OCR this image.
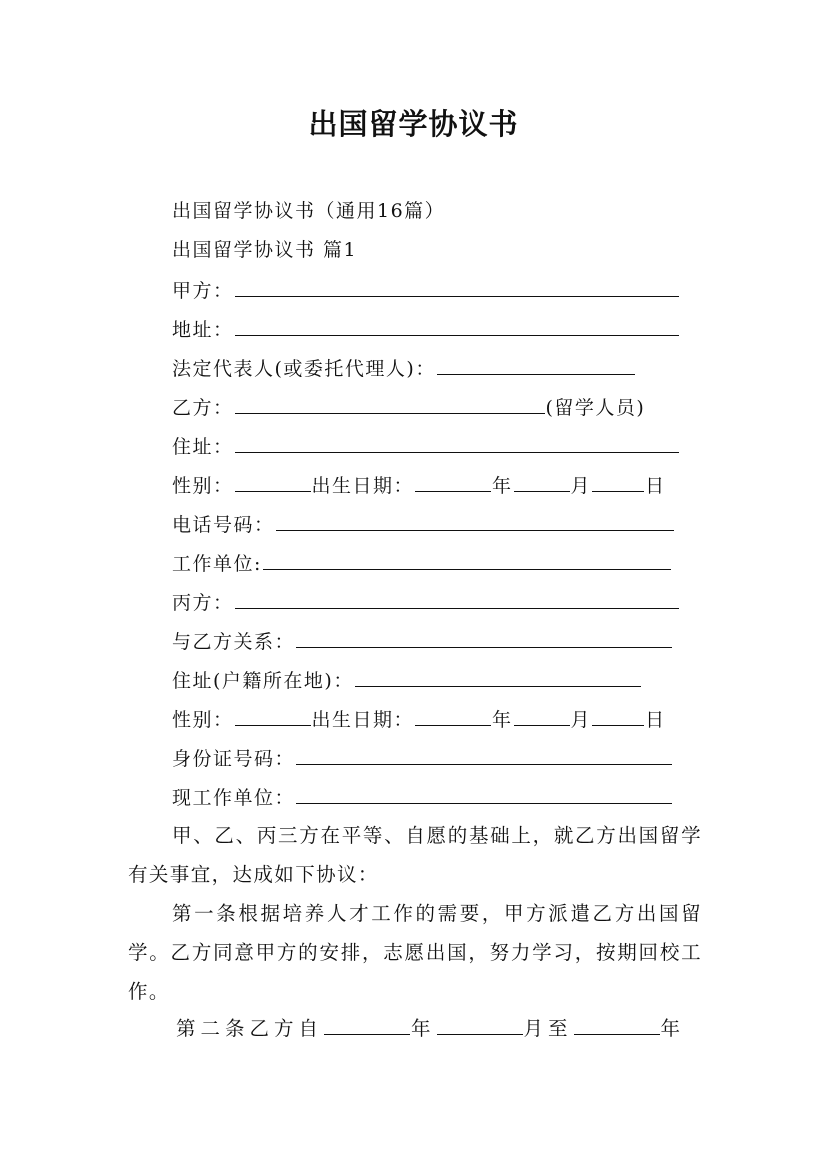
出国留学协议书
出国留学协议书（通用16篇）
出国留学协议书 篇1
甲方：
地址：
法定代表人(或委托代理人)：
乙方：	(留学人员)
住址：
性别：	出生日期：	年	月	日
电话号码：
工作单位:
丙方：
与乙方关系：
住址(户籍所在地)：
性别：	出生日期：	年	月	日
身份证号码：
现工作单位：
甲、乙、丙三方在平等、自愿的基础上，就乙方出国留学有关事宜，达成如下协议：
第一条根据培养人才工作的需要，甲方派遣乙方出国留学。乙方同意甲方的安排，志愿出国，努力学习，按期回校工作。
第二条乙方自	年	月至	年
